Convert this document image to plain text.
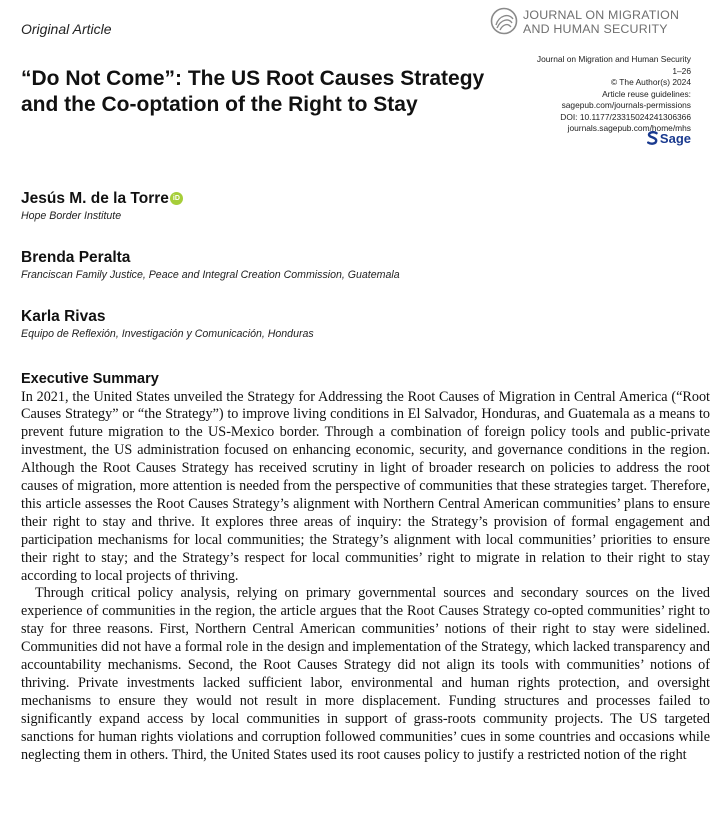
Original Article
JOURNAL ON MIGRATION
AND HUMAN SECURITY
Journal on Migration and Human Security
1–26
© The Author(s) 2024
Article reuse guidelines:
sagepub.com/journals-permissions
DOI: 10.1177/23315024241306366
journals.sagepub.com/home/mhs
Sage
“Do Not Come”: The US Root Causes Strategy and the Co-optation of the Right to Stay
Jesús M. de la Torre iD
Hope Border Institute
Brenda Peralta
Franciscan Family Justice, Peace and Integral Creation Commission, Guatemala
Karla Rivas
Equipo de Reflexión, Investigación y Comunicación, Honduras
Executive Summary

In 2021, the United States unveiled the Strategy for Addressing the Root Causes of Migration in Central America (“Root Causes Strategy” or “the Strategy”) to improve living conditions in El Salvador, Honduras, and Guatemala as a means to prevent future migration to the US-Mexico border. Through a combination of foreign policy tools and public-private investment, the US administration focused on enhancing economic, security, and governance conditions in the region. Although the Root Causes Strategy has received scrutiny in light of broader research on policies to address the root causes of migration, more attention is needed from the perspective of communities that these strategies target. Therefore, this article assesses the Root Causes Strategy’s alignment with Northern Central American communities’ plans to ensure their right to stay and thrive. It explores three areas of inquiry: the Strategy’s provision of formal engagement and participation mechanisms for local communities; the Strategy’s alignment with local communities’ priorities to ensure their right to stay; and the Strategy’s respect for local communities’ right to migrate in relation to their right to stay according to local projects of thriving.

Through critical policy analysis, relying on primary governmental sources and secondary sources on the lived experience of communities in the region, the article argues that the Root Causes Strategy co-opted communities’ right to stay for three reasons. First, Northern Central American communities’ notions of their right to stay were sidelined. Communities did not have a formal role in the design and implementation of the Strategy, which lacked transparency and accountability mechanisms. Second, the Root Causes Strategy did not align its tools with communities’ notions of thriving. Private investments lacked sufficient labor, environmental and human rights protection, and oversight mechanisms to ensure they would not result in more displacement. Funding structures and processes failed to significantly expand access by local communities in support of grass-roots community projects. The US targeted sanctions for human rights violations and corruption followed communities’ cues in some countries and occasions while neglecting them in others. Third, the United States used its root causes policy to justify a restricted notion of the right
